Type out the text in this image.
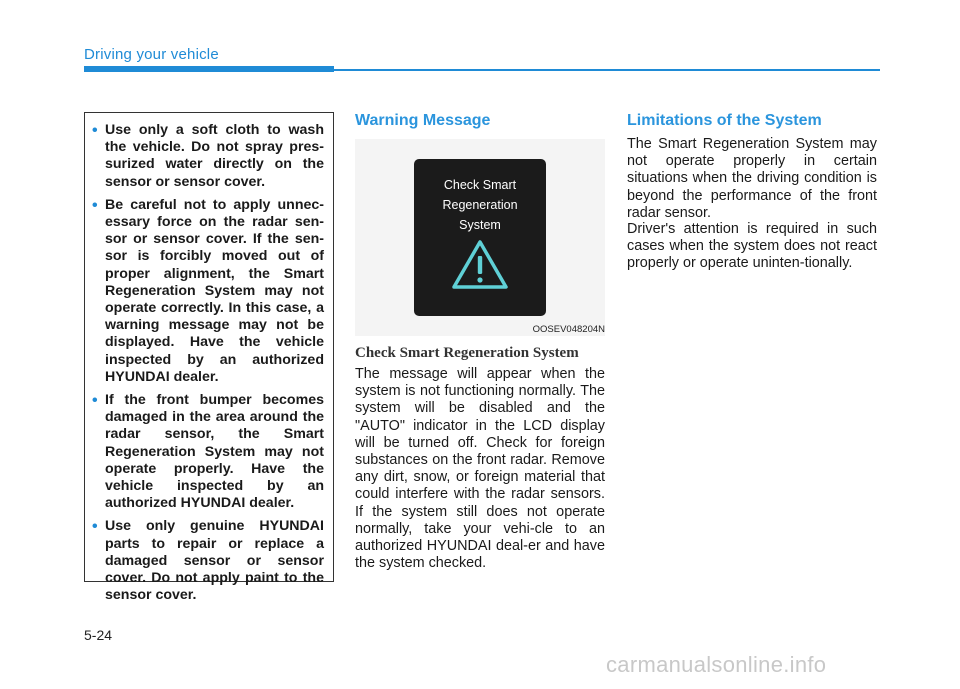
Driving your vehicle
• Use only a soft cloth to wash the vehicle. Do not spray pres-surized water directly on the sensor or sensor cover.
• Be careful not to apply unnec-essary force on the radar sen-sor or sensor cover. If the sen-sor is forcibly moved out of proper alignment, the Smart Regeneration System may not operate correctly. In this case, a warning message may not be displayed. Have the vehicle inspected by an authorized HYUNDAI dealer.
• If the front bumper becomes damaged in the area around the radar sensor, the Smart Regeneration System may not operate properly. Have the vehicle inspected by an authorized HYUNDAI dealer.
• Use only genuine HYUNDAI parts to repair or replace a damaged sensor or sensor cover. Do not apply paint to the sensor cover.
Warning Message
Check Smart
Regeneration
System
OOSEV048204N
Check Smart Regeneration System

The message will appear when the system is not functioning normally. The system will be disabled and the "AUTO" indicator in the LCD display will be turned off. Check for foreign substances on the front radar. Remove any dirt, snow, or foreign material that could interfere with the radar sensors. If the system still does not operate normally, take your vehi-cle to an authorized HYUNDAI deal-er and have the system checked.

Limitations of the System

The Smart Regeneration System may not operate properly in certain situations when the driving condition is beyond the performance of the front radar sensor.

Driver's attention is required in such cases when the system does not react properly or operate uninten-tionally.

5-24
carmanualsonline.info
